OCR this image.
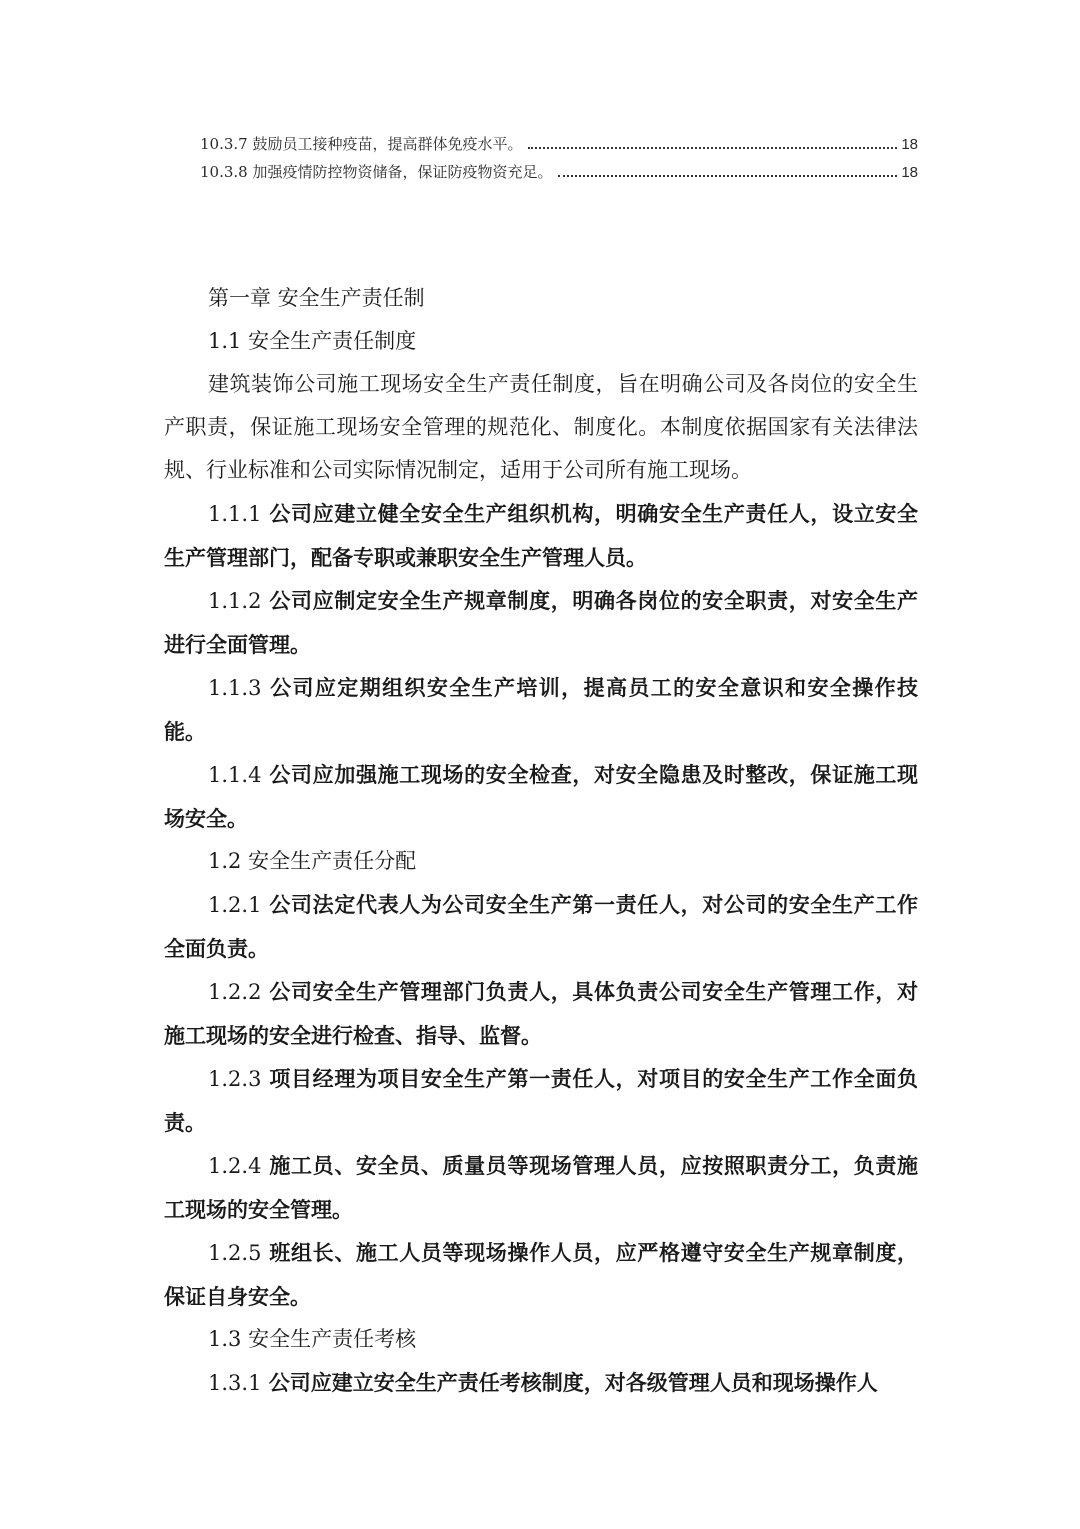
10.3.7 鼓励员工接种疫苗，提高群体免疫水平。	18
10.3.8 加强疫情防控物资储备，保证防疫物资充足。	18
第一章 安全生产责任制
1.1 安全生产责任制度
建筑装饰公司施工现场安全生产责任制度，旨在明确公司及各岗位的安全生产职责，保证施工现场安全管理的规范化、制度化。本制度依据国家有关法律法规、行业标准和公司实际情况制定，适用于公司所有施工现场。
1.1.1 公司应建立健全安全生产组织机构，明确安全生产责任人，设立安全生产管理部门，配备专职或兼职安全生产管理人员。
1.1.2 公司应制定安全生产规章制度，明确各岗位的安全职责，对安全生产进行全面管理。
1.1.3 公司应定期组织安全生产培训，提高员工的安全意识和安全操作技能。
1.1.4 公司应加强施工现场的安全检查，对安全隐患及时整改，保证施工现场安全。
1.2 安全生产责任分配
1.2.1 公司法定代表人为公司安全生产第一责任人，对公司的安全生产工作全面负责。
1.2.2 公司安全生产管理部门负责人，具体负责公司安全生产管理工作，对施工现场的安全进行检查、指导、监督。
1.2.3 项目经理为项目安全生产第一责任人，对项目的安全生产工作全面负责。
1.2.4 施工员、安全员、质量员等现场管理人员，应按照职责分工，负责施工现场的安全管理。
1.2.5 班组长、施工人员等现场操作人员，应严格遵守安全生产规章制度，保证自身安全。
1.3 安全生产责任考核
1.3.1 公司应建立安全生产责任考核制度，对各级管理人员和现场操作人
